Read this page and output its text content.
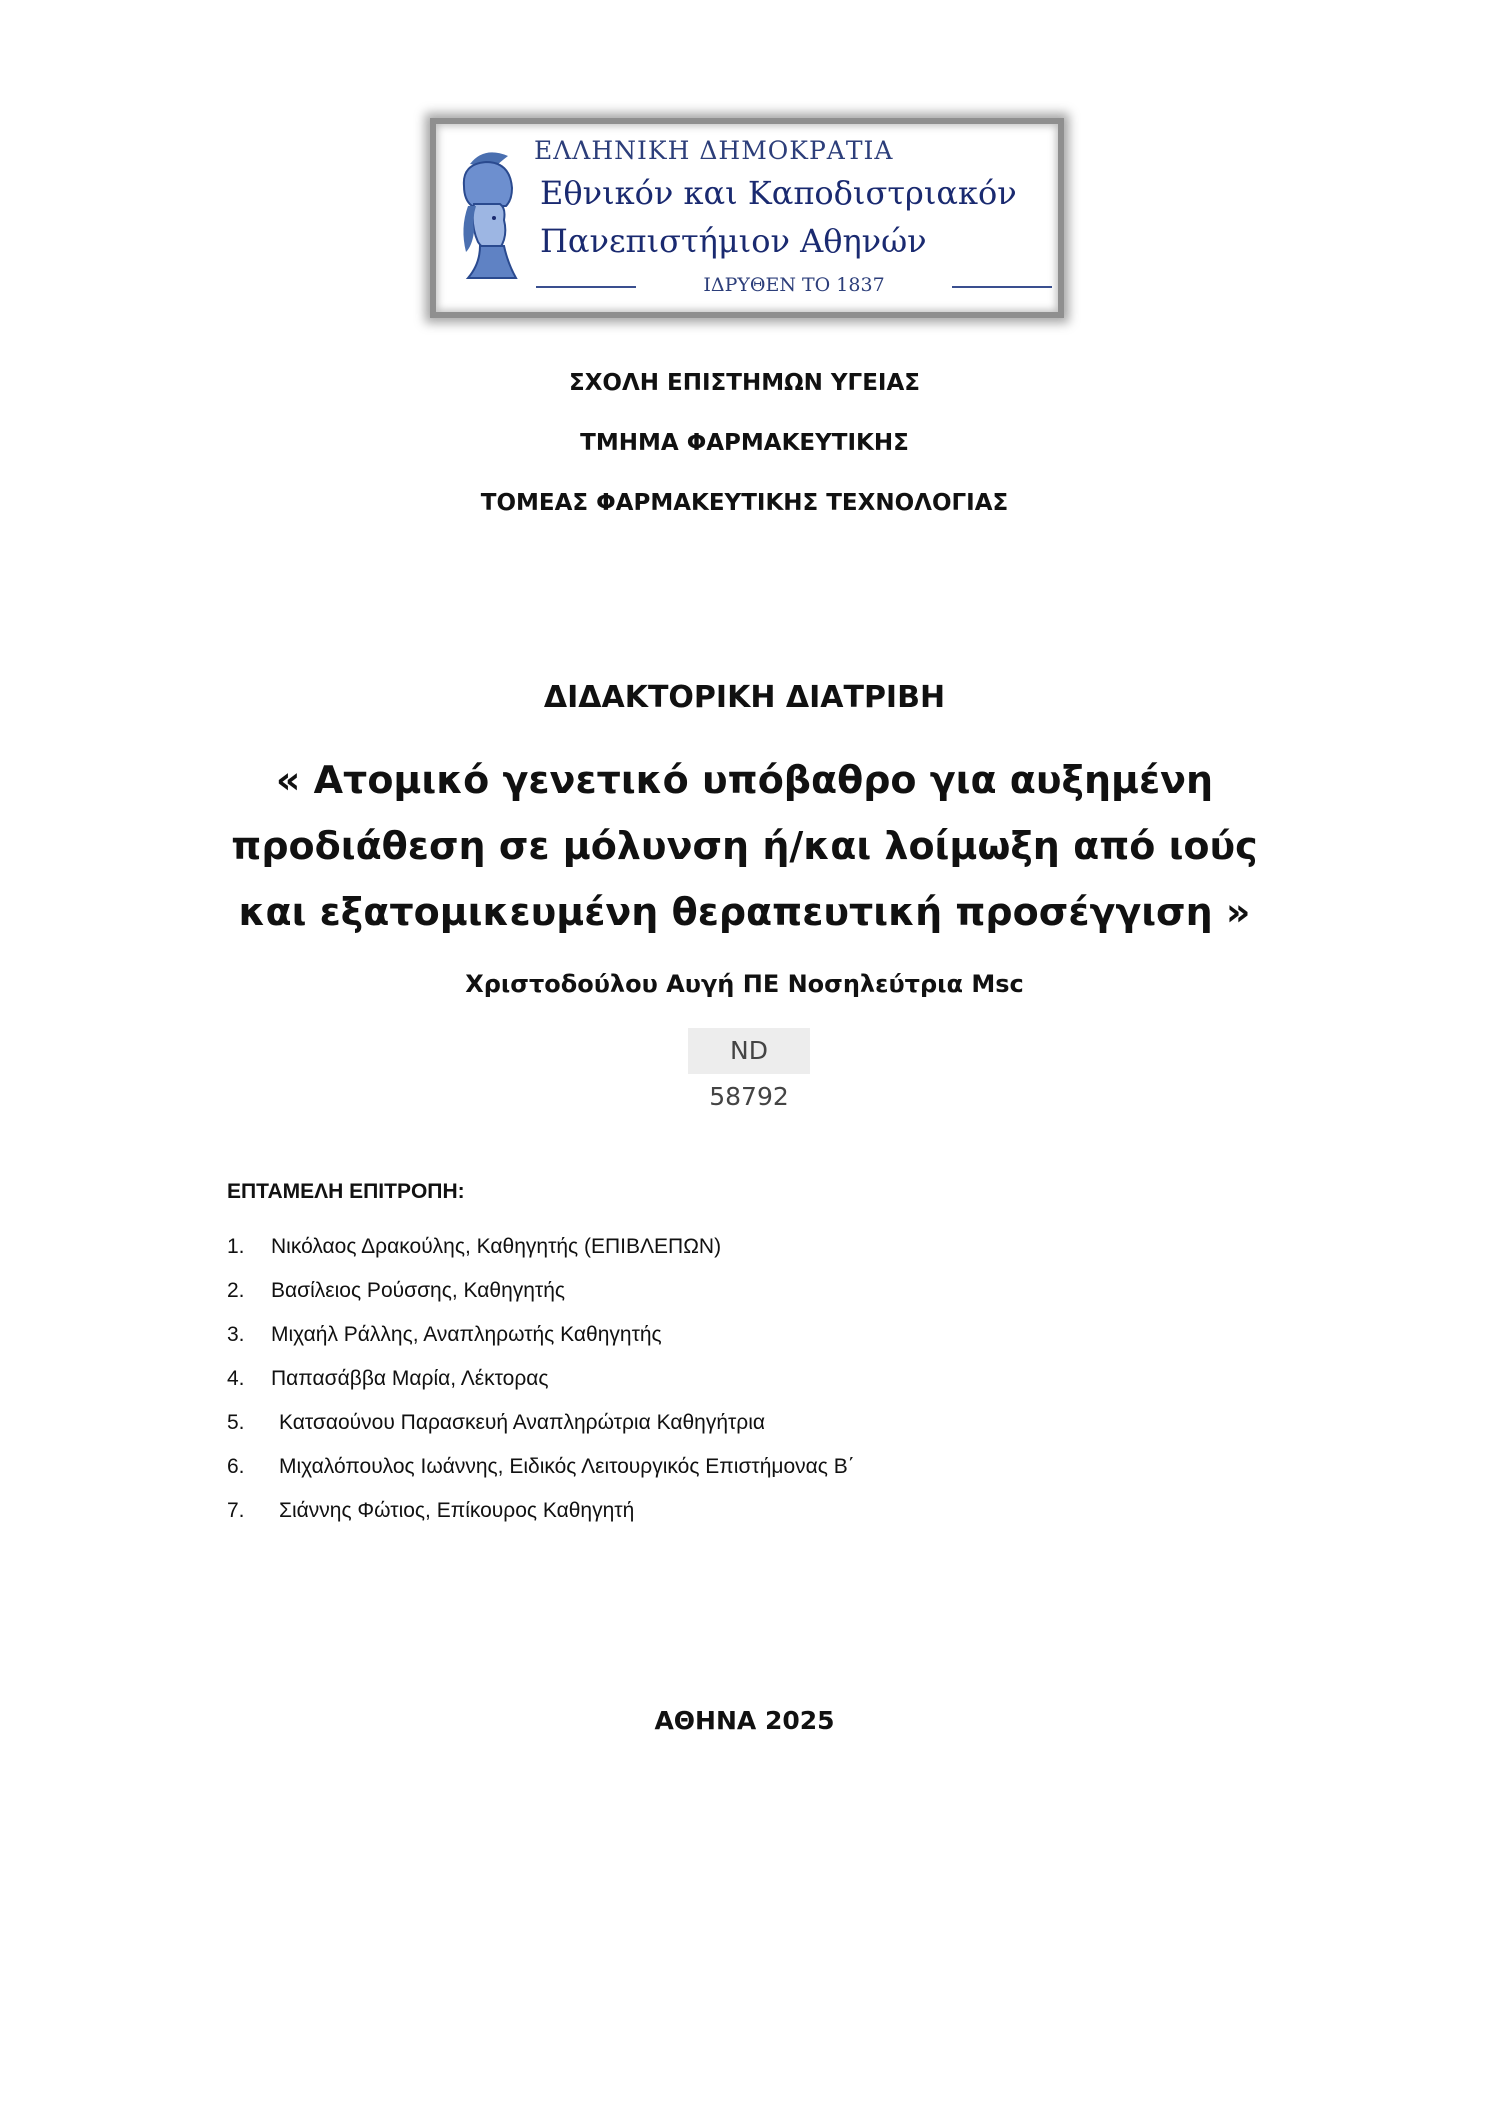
ΕΛΛΗΝΙΚΗ ΔΗΜΟΚΡΑΤΙΑ
Εθνικόν και Καποδιστριακόν
Πανεπιστήμιον Αθηνών
ΙΔΡΥΘΕΝ ΤΟ 1837
ΣΧΟΛΗ ΕΠΙΣΤΗΜΩΝ ΥΓΕΙΑΣ
ΤΜΗΜΑ ΦΑΡΜΑΚΕΥΤΙΚΗΣ
ΤΟΜΕΑΣ ΦΑΡΜΑΚΕΥΤΙΚΗΣ ΤΕΧΝΟΛΟΓΙΑΣ
ΔΙΔΑΚΤΟΡΙΚΗ ΔΙΑΤΡΙΒΗ
« Ατομικό γενετικό υπόβαθρο για αυξημένη
προδιάθεση σε μόλυνση ή/και λοίμωξη από ιούς
και εξατομικευμένη θεραπευτική προσέγγιση »
Χριστοδούλου Αυγή ΠΕ Νοσηλεύτρια Msc
ND 58792
ΕΠΤΑΜΕΛΗ ΕΠΙΤΡΟΠΗ:
1.	Νικόλαος Δρακούλης, Καθηγητής (ΕΠΙΒΛΕΠΩΝ)
2.	Βασίλειος Ρούσσης, Καθηγητής
3.	Μιχαήλ Ράλλης, Αναπληρωτής Καθηγητής
4.	Παπασάββα Μαρία, Λέκτορας
5.	Κατσαούνου Παρασκευή Αναπληρώτρια Καθηγήτρια
6.	Μιχαλόπουλος Ιωάννης, Ειδικός Λειτουργικός Επιστήμονας Β΄
7.	Σιάννης Φώτιος, Επίκουρος Καθηγητή
ΑΘΗΝΑ 2025
